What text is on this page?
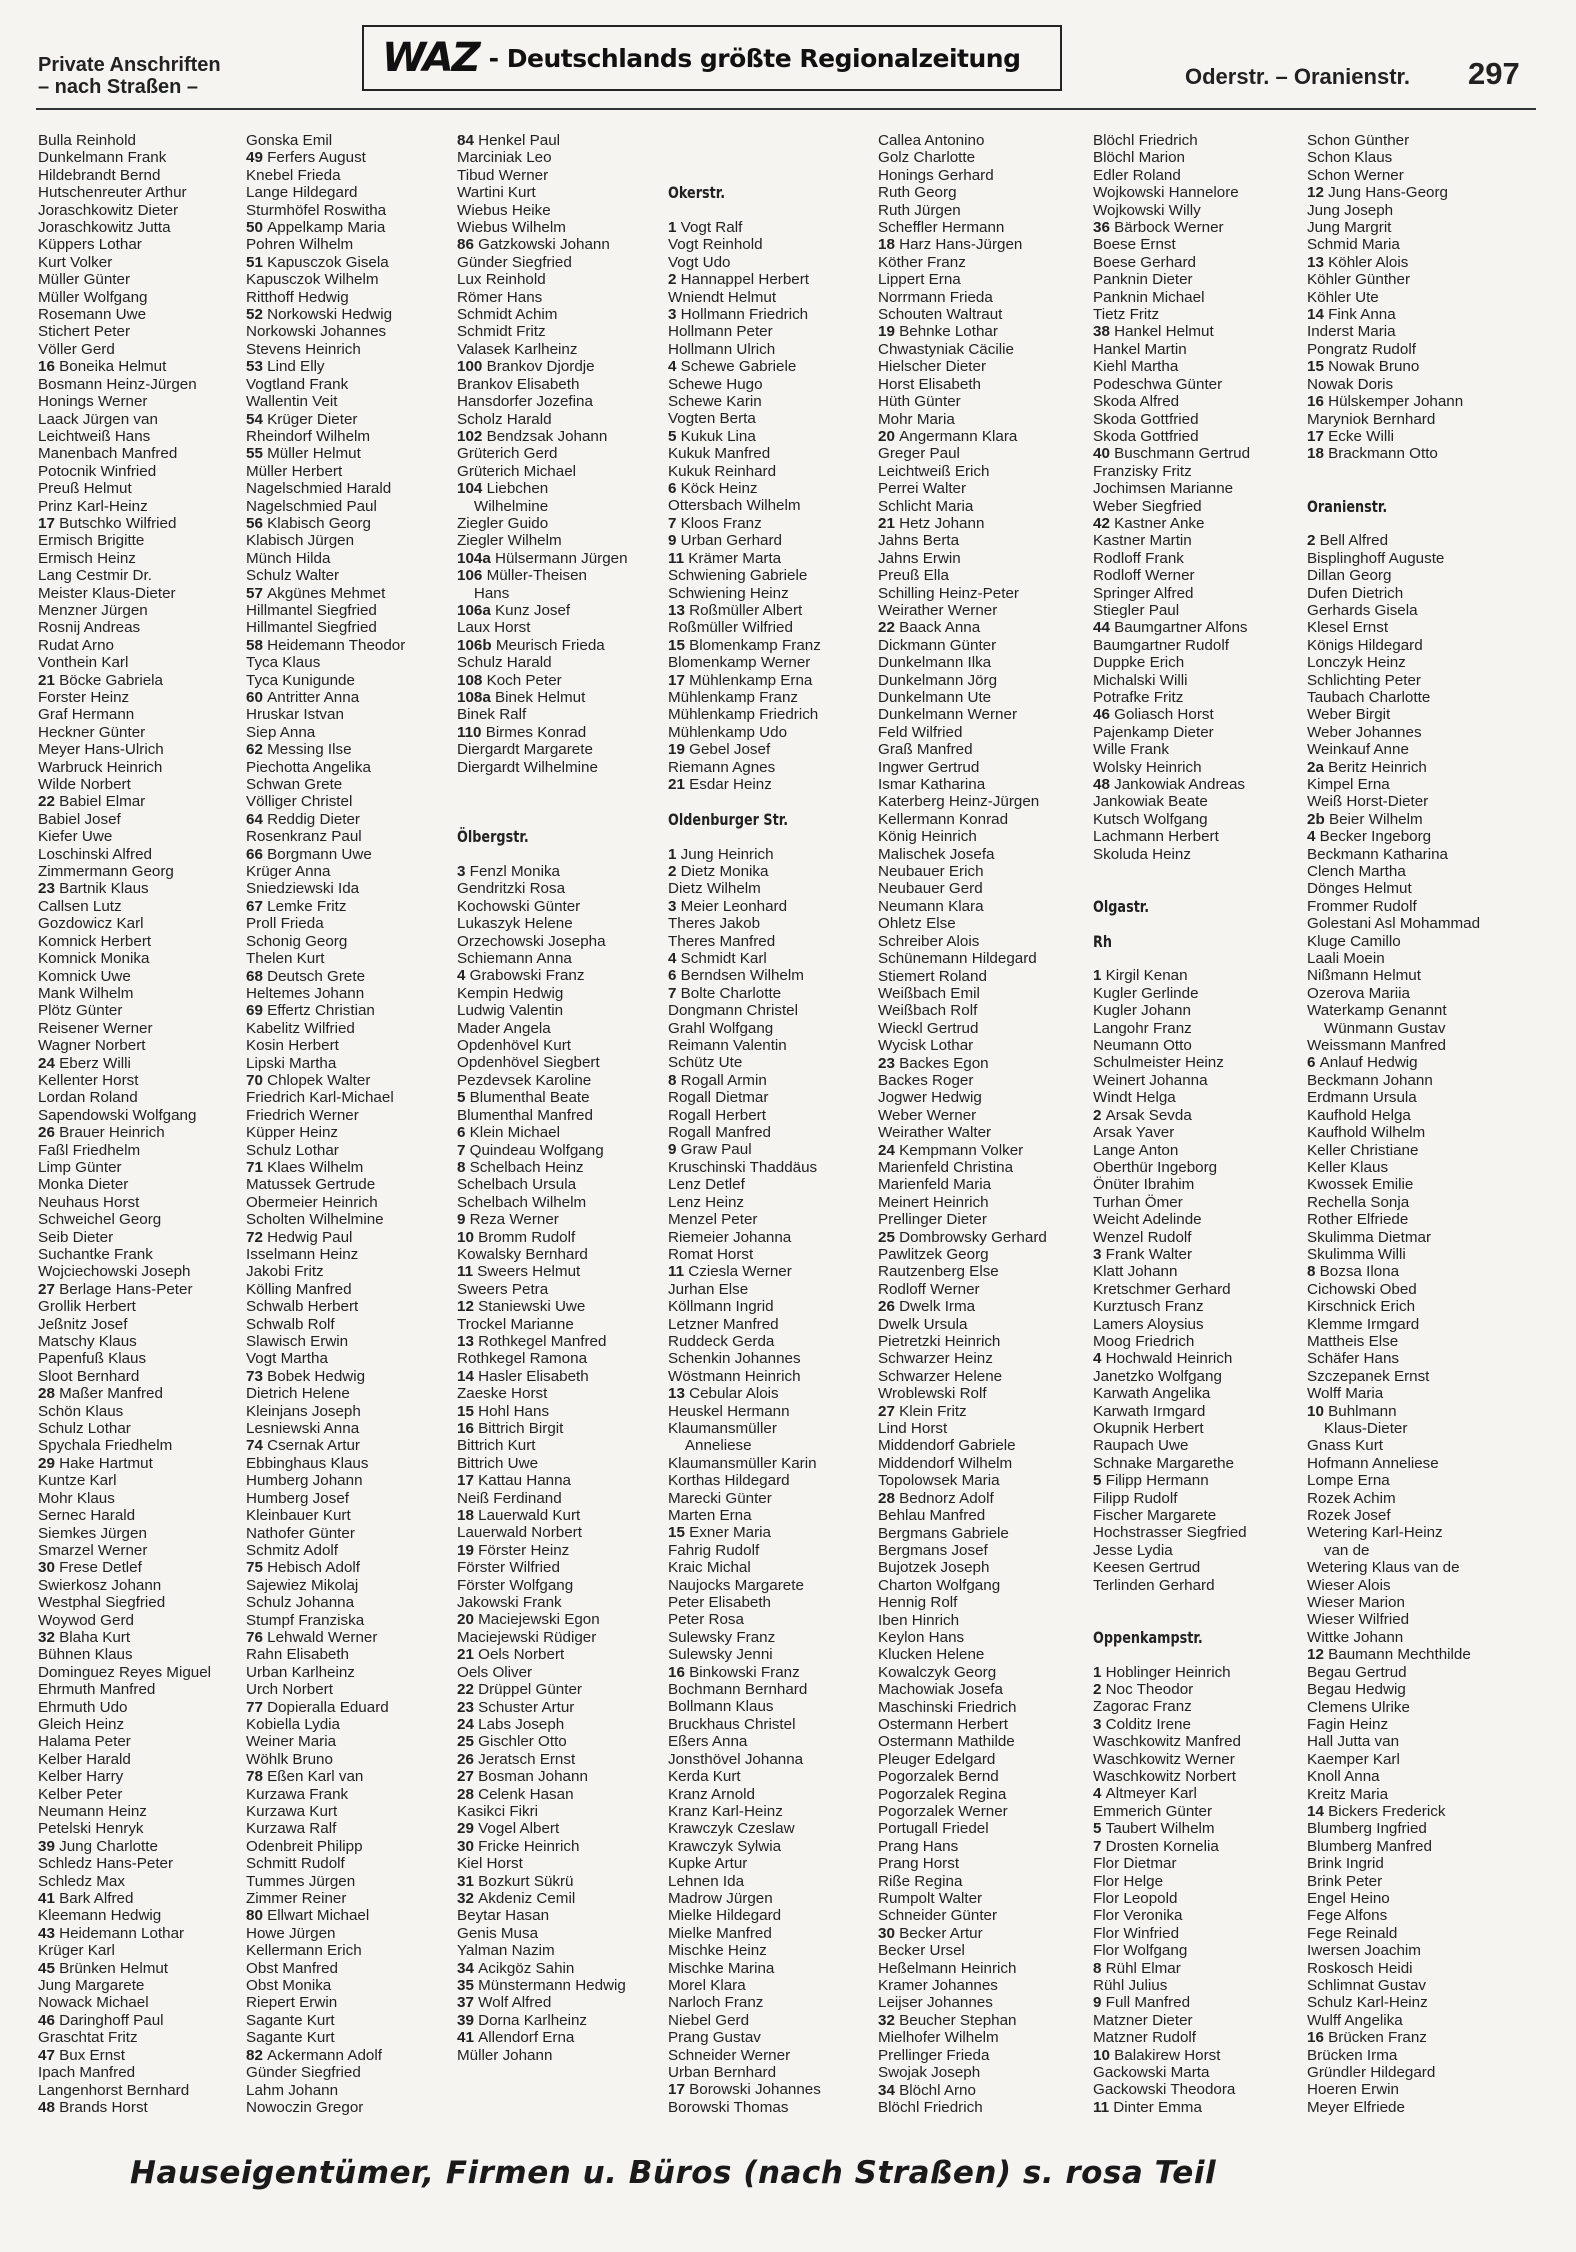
Private Anschriften
– nach Straßen –
WAZ - Deutschlands größte Regionalzeitung
Oderstr. – Oranienstr. 297
Bulla Reinhold
Dunkelmann Frank
Hildebrandt Bernd
Hutschenreuter Arthur
Joraschkowitz Dieter
Joraschkowitz Jutta
Küppers Lothar
Kurt Volker
Müller Günter
Müller Wolfgang
Rosemann Uwe
Stichert Peter
Völler Gerd
16 Boneika Helmut
Bosmann Heinz-Jürgen
Honings Werner
Laack Jürgen van
Leichtweiß Hans
Manenbach Manfred
Potocnik Winfried
Preuß Helmut
Prinz Karl-Heinz
17 Butschko Wilfried
Ermisch Brigitte
Ermisch Heinz
Lang Cestmir Dr.
Meister Klaus-Dieter
Menzner Jürgen
Rosnij Andreas
Rudat Arno
Vonthein Karl
21 Böcke Gabriela
Forster Heinz
Graf Hermann
Heckner Günter
Meyer Hans-Ulrich
Warbruck Heinrich
Wilde Norbert
22 Babiel Elmar
Babiel Josef
Kiefer Uwe
Loschinski Alfred
Zimmermann Georg
23 Bartnik Klaus
Callsen Lutz
Gozdowicz Karl
Komnick Herbert
Komnick Monika
Komnick Uwe
Mank Wilhelm
Plötz Günter
Reisener Werner
Wagner Norbert
24 Eberz Willi
Kellenter Horst
Lordan Roland
Sapendowski Wolfgang
26 Brauer Heinrich
Faßl Friedhelm
Limp Günter
Monka Dieter
Neuhaus Horst
Schweichel Georg
Seib Dieter
Suchantke Frank
Wojciechowski Joseph
27 Berlage Hans-Peter
Grollik Herbert
Jeßnitz Josef
Matschy Klaus
Papenfuß Klaus
Sloot Bernhard
28 Maßer Manfred
Schön Klaus
Schulz Lothar
Spychala Friedhelm
29 Hake Hartmut
Kuntze Karl
Mohr Klaus
Sernec Harald
Siemkes Jürgen
Smarzel Werner
30 Frese Detlef
Swierkosz Johann
Westphal Siegfried
Woywod Gerd
32 Blaha Kurt
Bühnen Klaus
Dominguez Reyes Miguel
Ehrmuth Manfred
Ehrmuth Udo
Gleich Heinz
Halama Peter
Kelber Harald
Kelber Harry
Kelber Peter
Neumann Heinz
Petelski Henryk
39 Jung Charlotte
Schledz Hans-Peter
Schledz Max
41 Bark Alfred
Kleemann Hedwig
43 Heidemann Lothar
Krüger Karl
45 Brünken Helmut
Jung Margarete
Nowack Michael
46 Daringhoff Paul
Graschtat Fritz
47 Bux Ernst
Ipach Manfred
Langenhorst Bernhard
48 Brands Horst
Gonska Emil
49 Ferfers August
Knebel Frieda
Lange Hildegard
Sturmhöfel Roswitha
50 Appelkamp Maria
Pohren Wilhelm
51 Kapusczok Gisela
Kapusczok Wilhelm
Ritthoff Hedwig
52 Norkowski Hedwig
Norkowski Johannes
Stevens Heinrich
53 Lind Elly
Vogtland Frank
Wallentin Veit
54 Krüger Dieter
Rheindorf Wilhelm
55 Müller Helmut
Müller Herbert
Nagelschmied Harald
Nagelschmied Paul
56 Klabisch Georg
Klabisch Jürgen
Münch Hilda
Schulz Walter
57 Akgünes Mehmet
Hillmantel Siegfried
Hillmantel Siegfried
58 Heidemann Theodor
Tyca Klaus
Tyca Kunigunde
60 Antritter Anna
Hruskar Istvan
Siep Anna
62 Messing Ilse
Piechotta Angelika
Schwan Grete
Völliger Christel
64 Reddig Dieter
Rosenkranz Paul
66 Borgmann Uwe
Krüger Anna
Sniedziewski Ida
67 Lemke Fritz
Proll Frieda
Schonig Georg
Thelen Kurt
68 Deutsch Grete
Heltemes Johann
69 Effertz Christian
Kabelitz Wilfried
Kosin Herbert
Lipski Martha
70 Chlopek Walter
Friedrich Karl-Michael
Friedrich Werner
Küpper Heinz
Schulz Lothar
71 Klaes Wilhelm
Matussek Gertrude
Obermeier Heinrich
Scholten Wilhelmine
72 Hedwig Paul
Isselmann Heinz
Jakobi Fritz
Kölling Manfred
Schwalb Herbert
Schwalb Rolf
Slawisch Erwin
Vogt Martha
73 Bobek Hedwig
Dietrich Helene
Kleinjans Joseph
Lesniewski Anna
74 Csernak Artur
Ebbinghaus Klaus
Humberg Johann
Humberg Josef
Kleinbauer Kurt
Nathofer Günter
Schmitz Adolf
75 Hebisch Adolf
Sajewiez Mikolaj
Schulz Johanna
Stumpf Franziska
76 Lehwald Werner
Rahn Elisabeth
Urban Karlheinz
Urch Norbert
77 Dopieralla Eduard
Kobiella Lydia
Weiner Maria
Wöhlk Bruno
78 Eßen Karl van
Kurzawa Frank
Kurzawa Kurt
Kurzawa Ralf
Odenbreit Philipp
Schmitt Rudolf
Tummes Jürgen
Zimmer Reiner
80 Ellwart Michael
Howe Jürgen
Kellermann Erich
Obst Manfred
Obst Monika
Riepert Erwin
Sagante Kurt
Sagante Kurt
82 Ackermann Adolf
Günder Siegfried
Lahm Johann
Nowoczin Gregor
84 Henkel Paul
Marciniak Leo
Tibud Werner
Wartini Kurt
Wiebus Heike
Wiebus Wilhelm
86 Gatzkowski Johann
Günder Siegfried
Lux Reinhold
Römer Hans
Schmidt Achim
Schmidt Fritz
Valasek Karlheinz
100 Brankov Djordje
Brankov Elisabeth
Hansdorfer Jozefina
Scholz Harald
102 Bendzsak Johann
Grüterich Gerd
Grüterich Michael
104 Liebchen
Wilhelmine
Ziegler Guido
Ziegler Wilhelm
104a Hülsermann Jürgen
106 Müller-Theisen
Hans
106a Kunz Josef
Laux Horst
106b Meurisch Frieda
Schulz Harald
108 Koch Peter
108a Binek Helmut
Binek Ralf
110 Birmes Konrad
Diergardt Margarete
Diergardt Wilhelmine
Ölbergstr.
3 Fenzl Monika
Gendritzki Rosa
Kochowski Günter
Lukaszyk Helene
Orzechowski Josepha
Schiemann Anna
4 Grabowski Franz
Kempin Hedwig
Ludwig Valentin
Mader Angela
Opdenhövel Kurt
Opdenhövel Siegbert
Pezdevsek Karoline
5 Blumenthal Beate
Blumenthal Manfred
6 Klein Michael
7 Quindeau Wolfgang
8 Schelbach Heinz
Schelbach Ursula
Schelbach Wilhelm
9 Reza Werner
10 Bromm Rudolf
Kowalsky Bernhard
11 Sweers Helmut
Sweers Petra
12 Staniewski Uwe
Trockel Marianne
13 Rothkegel Manfred
Rothkegel Ramona
14 Hasler Elisabeth
Zaeske Horst
15 Hohl Hans
16 Bittrich Birgit
Bittrich Kurt
Bittrich Uwe
17 Kattau Hanna
Neiß Ferdinand
18 Lauerwald Kurt
Lauerwald Norbert
19 Förster Heinz
Förster Wilfried
Förster Wolfgang
Jakowski Frank
20 Maciejewski Egon
Maciejewski Rüdiger
21 Oels Norbert
Oels Oliver
22 Drüppel Günter
23 Schuster Artur
24 Labs Joseph
25 Gischler Otto
26 Jeratsch Ernst
27 Bosman Johann
28 Celenk Hasan
Kasikci Fikri
29 Vogel Albert
30 Fricke Heinrich
Kiel Horst
31 Bozkurt Sükrü
32 Akdeniz Cemil
Beytar Hasan
Genis Musa
Yalman Nazim
34 Acikgöz Sahin
35 Münstermann Hedwig
37 Wolf Alfred
39 Dorna Karlheinz
41 Allendorf Erna
Müller Johann
Okerstr.
1 Vogt Ralf
Vogt Reinhold
Vogt Udo
2 Hannappel Herbert
Wniendt Helmut
3 Hollmann Friedrich
Hollmann Peter
Hollmann Ulrich
4 Schewe Gabriele
Schewe Hugo
Schewe Karin
Vogten Berta
5 Kukuk Lina
Kukuk Manfred
Kukuk Reinhard
6 Köck Heinz
Ottersbach Wilhelm
7 Kloos Franz
9 Urban Gerhard
11 Krämer Marta
Schwiening Gabriele
Schwiening Heinz
13 Roßmüller Albert
Roßmüller Wilfried
15 Blomenkamp Franz
Blomenkamp Werner
17 Mühlenkamp Erna
Mühlenkamp Franz
Mühlenkamp Friedrich
Mühlenkamp Udo
19 Gebel Josef
Riemann Agnes
21 Esdar Heinz
Oldenburger Str.
1 Jung Heinrich
2 Dietz Monika
Dietz Wilhelm
3 Meier Leonhard
Theres Jakob
Theres Manfred
4 Schmidt Karl
6 Berndsen Wilhelm
7 Bolte Charlotte
Dongmann Christel
Grahl Wolfgang
Reimann Valentin
Schütz Ute
8 Rogall Armin
Rogall Dietmar
Rogall Herbert
Rogall Manfred
9 Graw Paul
Kruschinski Thaddäus
Lenz Detlef
Lenz Heinz
Menzel Peter
Riemeier Johanna
Romat Horst
11 Czieslа Werner
Jurhan Else
Köllmann Ingrid
Letzner Manfred
Ruddeck Gerda
Schenkin Johannes
Wöstmann Heinrich
13 Cebular Alois
Heuskel Hermann
Klaumansmüller
Anneliese
Klaumansmüller Karin
Korthas Hildegard
Marecki Günter
Marten Erna
15 Exner Maria
Fahrig Rudolf
Kraic Michal
Naujocks Margarete
Peter Elisabeth
Peter Rosa
Sulewsky Franz
Sulewsky Jenni
16 Binkowski Franz
Bochmann Bernhard
Bollmann Klaus
Bruckhaus Christel
Eßers Anna
Jonsthövel Johanna
Kerda Kurt
Kranz Arnold
Kranz Karl-Heinz
Krawczyk Czeslaw
Krawczyk Sylwia
Kupke Artur
Lehnen Ida
Madrow Jürgen
Mielke Hildegard
Mielke Manfred
Mischke Heinz
Mischke Marina
Morel Klara
Narloch Franz
Niebel Gerd
Prang Gustav
Schneider Werner
Urban Bernhard
17 Borowski Johannes
Borowski Thomas
Callea Antonino
Golz Charlotte
Honings Gerhard
Ruth Georg
Ruth Jürgen
Scheffler Hermann
18 Harz Hans-Jürgen
Köther Franz
Lippert Erna
Norrmann Frieda
Schouten Waltraut
19 Behnke Lothar
Chwastyniak Cäcilie
Hielscher Dieter
Horst Elisabeth
Hüth Günter
Mohr Maria
20 Angermann Klara
Greger Paul
Leichtweiß Erich
Perrei Walter
Schlicht Maria
21 Hetz Johann
Jahns Berta
Jahns Erwin
Preuß Ella
Schilling Heinz-Peter
Weirather Werner
22 Baack Anna
Dickmann Günter
Dunkelmann Ilka
Dunkelmann Jörg
Dunkelmann Ute
Dunkelmann Werner
Feld Wilfried
Graß Manfred
Ingwer Gertrud
Ismar Katharina
Katerberg Heinz-Jürgen
Kellermann Konrad
König Heinrich
Malischek Josefa
Neubauer Erich
Neubauer Gerd
Neumann Klara
Ohletz Else
Schreiber Alois
Schünemann Hildegard
Stiemert Roland
Weißbach Emil
Weißbach Rolf
Wieckl Gertrud
Wycisk Lothar
23 Backes Egon
Backes Roger
Jogwer Hedwig
Weber Werner
Weirather Walter
24 Kempmann Volker
Marienfeld Christina
Marienfeld Maria
Meinert Heinrich
Prellinger Dieter
25 Dombrowsky Gerhard
Pawlitzek Georg
Rautzenberg Else
Rodloff Werner
26 Dwelk Irma
Dwelk Ursula
Pietretzki Heinrich
Schwarzer Heinz
Schwarzer Helene
Wroblewski Rolf
27 Klein Fritz
Lind Horst
Middendorf Gabriele
Middendorf Wilhelm
Topolowsek Maria
28 Bednorz Adolf
Behlau Manfred
Bergmans Gabriele
Bergmans Josef
Bujotzek Joseph
Charton Wolfgang
Hennig Rolf
Iben Hinrich
Keylon Hans
Klucken Helene
Kowalczyk Georg
Machowiak Josefa
Maschinski Friedrich
Ostermann Herbert
Ostermann Mathilde
Pleuger Edelgard
Pogorzalek Bernd
Pogorzalek Regina
Pogorzalek Werner
Portugall Friedel
Prang Hans
Prang Horst
Riße Regina
Rumpolt Walter
Schneider Günter
30 Becker Artur
Becker Ursel
Heßelmann Heinrich
Kramer Johannes
Leijser Johannes
32 Beucher Stephan
Mielhofer Wilhelm
Prellinger Frieda
Swojak Joseph
34 Blöchl Arno
Blöchl Friedrich
Blöchl Friedrich
Blöchl Marion
Edler Roland
Wojkowski Hannelore
Wojkowski Willy
36 Bärbock Werner
Boese Ernst
Boese Gerhard
Panknin Dieter
Panknin Michael
Tietz Fritz
38 Hankel Helmut
Hankel Martin
Kiehl Martha
Podeschwa Günter
Skoda Alfred
Skoda Gottfried
Skoda Gottfried
40 Buschmann Gertrud
Franzisky Fritz
Jochimsen Marianne
Weber Siegfried
42 Kastner Anke
Kastner Martin
Rodloff Frank
Rodloff Werner
Springer Alfred
Stiegler Paul
44 Baumgartner Alfons
Baumgartner Rudolf
Duppke Erich
Michalski Willi
Potrafke Fritz
46 Goliasch Horst
Pajenkamp Dieter
Wille Frank
Wolsky Heinrich
48 Jankowiak Andreas
Jankowiak Beate
Kutsch Wolfgang
Lachmann Herbert
Skoluda Heinz
Olgastr.
Rh
1 Kirgil Kenan
Kugler Gerlinde
Kugler Johann
Langohr Franz
Neumann Otto
Schulmeister Heinz
Weinert Johanna
Windt Helga
2 Arsak Sevda
Arsak Yaver
Lange Anton
Oberthür Ingeborg
Önüter Ibrahim
Turhan Ömer
Weicht Adelinde
Wenzel Rudolf
3 Frank Walter
Klatt Johann
Kretschmer Gerhard
Kurztusch Franz
Lamers Aloysius
Moog Friedrich
4 Hochwald Heinrich
Janetzko Wolfgang
Karwath Angelika
Karwath Irmgard
Okupnik Herbert
Raupach Uwe
Schnake Margarethe
5 Filipp Hermann
Filipp Rudolf
Fischer Margarete
Hochstrasser Siegfried
Jesse Lydia
Keesen Gertrud
Terlinden Gerhard
Oppenkampstr.
1 Hoblinger Heinrich
2 Noc Theodor
Zagorac Franz
3 Colditz Irene
Waschkowitz Manfred
Waschkowitz Werner
Waschkowitz Norbert
4 Altmeyer Karl
Emmerich Günter
5 Taubert Wilhelm
7 Drosten Kornelia
Flor Dietmar
Flor Helge
Flor Leopold
Flor Veronika
Flor Winfried
Flor Wolfgang
8 Rühl Elmar
Rühl Julius
9 Full Manfred
Matzner Dieter
Matzner Rudolf
10 Balakirew Horst
Gackowski Marta
Gackowski Theodora
11 Dinter Emma
Schon Günther
Schon Klaus
Schon Werner
12 Jung Hans-Georg
Jung Joseph
Jung Margrit
Schmid Maria
13 Köhler Alois
Köhler Günther
Köhler Ute
14 Fink Anna
Inderst Maria
Pongratz Rudolf
15 Nowak Bruno
Nowak Doris
16 Hülskemper Johann
Maryniok Bernhard
17 Ecke Willi
18 Brackmann Otto
Oranienstr.
2 Bell Alfred
Bisplinghoff Auguste
Dillan Georg
Dufen Dietrich
Gerhards Gisela
Klesel Ernst
Königs Hildegard
Lonczyk Heinz
Schlichting Peter
Taubach Charlotte
Weber Birgit
Weber Johannes
Weinkauf Anne
2a Beritz Heinrich
Kimpel Erna
Weiß Horst-Dieter
2b Beier Wilhelm
4 Becker Ingeborg
Beckmann Katharina
Clench Martha
Dönges Helmut
Frommer Rudolf
Golestani Asl Mohammad
Kluge Camillo
Laali Moein
Nißmann Helmut
Ozerova Mariia
Waterkamp Genannt
Wünmann Gustav
Weissmann Manfred
6 Anlauf Hedwig
Beckmann Johann
Erdmann Ursula
Kaufhold Helga
Kaufhold Wilhelm
Keller Christiane
Keller Klaus
Kwossek Emilie
Rechella Sonja
Rother Elfriede
Skulimma Dietmar
Skulimma Willi
8 Bozsa Ilona
Cichowski Obed
Kirschnick Erich
Klemme Irmgard
Mattheis Else
Schäfer Hans
Szczepanek Ernst
Wolff Maria
10 Buhlmann
Klaus-Dieter
Gnass Kurt
Hofmann Anneliese
Lompe Erna
Rozek Achim
Rozek Josef
Wetering Karl-Heinz
van de
Wetering Klaus van de
Wieser Alois
Wieser Marion
Wieser Wilfried
Wittke Johann
12 Baumann Mechthilde
Begau Gertrud
Begau Hedwig
Clemens Ulrike
Fagin Heinz
Hall Jutta van
Kaemper Karl
Knoll Anna
Kreitz Maria
14 Bickers Frederick
Blumberg Ingfried
Blumberg Manfred
Brink Ingrid
Brink Peter
Engel Heino
Fege Alfons
Fege Reinald
Iwersen Joachim
Roskosch Heidi
Schlimnat Gustav
Schulz Karl-Heinz
Wulff Angelika
16 Brücken Franz
Brücken Irma
Gründler Hildegard
Hoeren Erwin
Meyer Elfriede
Hauseigentümer, Firmen u. Büros (nach Straßen) s. rosa Teil
